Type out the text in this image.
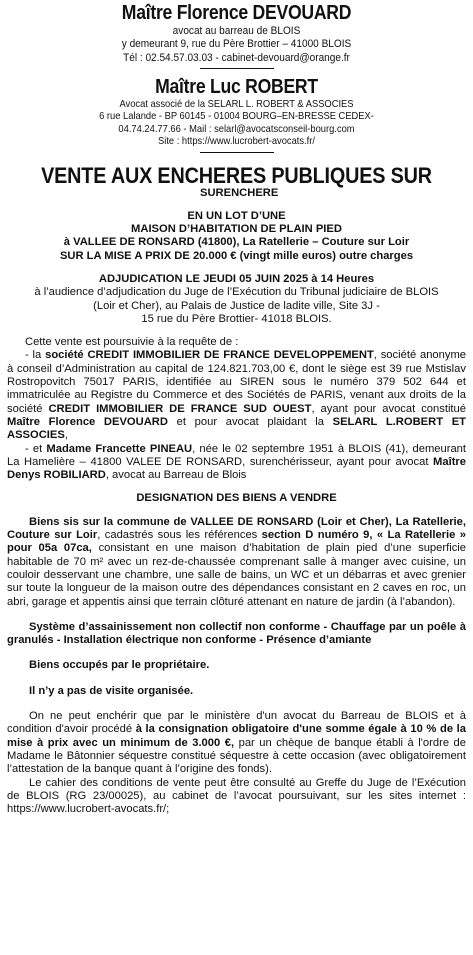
Maître Florence DEVOUARD
avocat au barreau de BLOIS
y demeurant 9, rue du Père Brottier – 41000 BLOIS
Tél : 02.54.57.03.03 - cabinet-devouard@orange.fr
Maître Luc ROBERT
Avocat associé de la SELARL L. ROBERT & ASSOCIES
6 rue Lalande - BP 60145 - 01004 BOURG–EN-BRESSE CEDEX-
04.74.24.77.66 - Mail : selarl@avocatsconseil-bourg.com
Site : https://www.lucrobert-avocats.fr/
VENTE AUX ENCHERES PUBLIQUES SUR
SURENCHERE
EN UN LOT D’UNE
MAISON D’HABITATION DE PLAIN PIED
à VALLEE DE RONSARD (41800), La Ratellerie – Couture sur Loir
SUR LA MISE A PRIX DE 20.000 € (vingt mille euros) outre charges
ADJUDICATION LE JEUDI 05 JUIN 2025 à 14 Heures
à l’audience d’adjudication du Juge de l’Exécution du Tribunal judiciaire de BLOIS
(Loir et Cher), au Palais de Justice de ladite ville, Site 3J -
15 rue du Père Brottier- 41018 BLOIS.

Cette vente est poursuivie à la requête de :

- la société CREDIT IMMOBILIER DE FRANCE DEVELOPPEMENT, société anonyme à conseil d’Administration au capital de 124.821.703,00 €, dont le siège est 39 rue Mstislav Rostropovitch 75017 PARIS, identifiée au SIREN sous le numéro 379 502 644 et immatriculée au Registre du Commerce et des Sociétés de PARIS, venant aux droits de la société CREDIT IMMOBILIER DE FRANCE SUD OUEST, ayant pour avocat constitué Maître Florence DEVOUARD et pour avocat plaidant la SELARL L.ROBERT ET ASSOCIES,

- et Madame Francette PINEAU, née le 02 septembre 1951 à BLOIS (41), demeurant La Hamelière – 41800 VALEE DE RONSARD, surenchérisseur, ayant pour avocat Maître Denys ROBILIARD, avocat au Barreau de Blois

DESIGNATION DES BIENS A VENDRE

Biens sis sur la commune de VALLEE DE RONSARD (Loir et Cher), La Ratellerie, Couture sur Loir, cadastrés sous les références section D numéro 9, « La Ratellerie » pour 05a 07ca, consistant en une maison d’habitation de plain pied d’une superficie habitable de 70 m² avec un rez-de-chaussée comprenant salle à manger avec cuisine, un couloir desservant une chambre, une salle de bains, un WC et un débarras et avec grenier sur toute la longueur de la maison outre des dépendances consistant en 2 caves en roc, un abri, garage et appentis ainsi que terrain clôturé attenant en nature de jardin (à l’abandon).

Système d’assainissement non collectif non conforme - Chauffage par un poêle à granulés - Installation électrique non conforme - Présence d’amiante

Biens occupés par le propriétaire.

Il n’y a pas de visite organisée.

On ne peut enchérir que par le ministère d'un avocat du Barreau de BLOIS et à condition d'avoir procédé à la consignation obligatoire d'une somme égale à 10 % de la mise à prix avec un minimum de 3.000 €, par un chèque de banque établi à l'ordre de Madame le Bâtonnier séquestre constitué séquestre à cette occasion (avec obligatoirement l’attestation de la banque quant à l’origine des fonds).

Le cahier des conditions de vente peut être consulté au Greffe du Juge de l’Exécution de BLOIS (RG 23/00025), au cabinet de l’avocat poursuivant, sur les sites internet : https://www.lucrobert-avocats.fr/;
